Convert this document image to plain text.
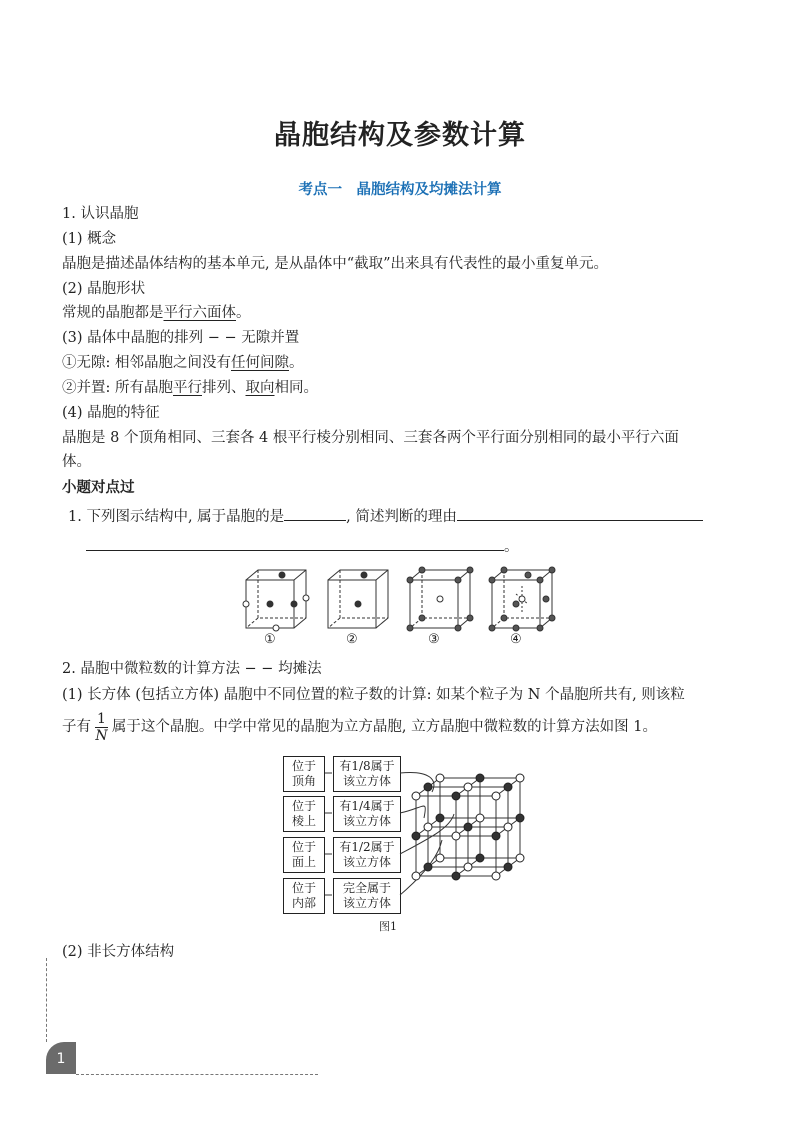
晶胞结构及参数计算
考点一　晶胞结构及均摊法计算
1. 认识晶胞
(1) 概念
晶胞是描述晶体结构的基本单元, 是从晶体中“截取”出来具有代表性的最小重复单元。
(2) 晶胞形状
常规的晶胞都是平行六面体。
(3) 晶体中晶胞的排列 − − 无隙并置
①无隙: 相邻晶胞之间没有任何间隙。
②并置: 所有晶胞平行排列、取向相同。
(4) 晶胞的特征
晶胞是 8 个顶角相同、三套各 4 根平行棱分别相同、三套各两个平行面分别相同的最小平行六面
体。
小题对点过
1. 下列图示结构中, 属于晶胞的是	, 简述判断的理由
。
①	②	③	④
2. 晶胞中微粒数的计算方法 − − 均摊法
(1) 长方体 (包括立方体) 晶胞中不同位置的粒子数的计算: 如某个粒子为 N 个晶胞所共有, 则该粒
子有 $\frac{1}{N}$ 属于这个晶胞。中学中常见的晶胞为立方晶胞, 立方晶胞中微粒数的计算方法如图 1。
位于
顶角
有1/8属于
该立方体
位于
棱上
有1/4属于
该立方体
位于
面上
有1/2属于
该立方体
位于
内部
完全属于
该立方体
图1
(2) 非长方体结构
1
